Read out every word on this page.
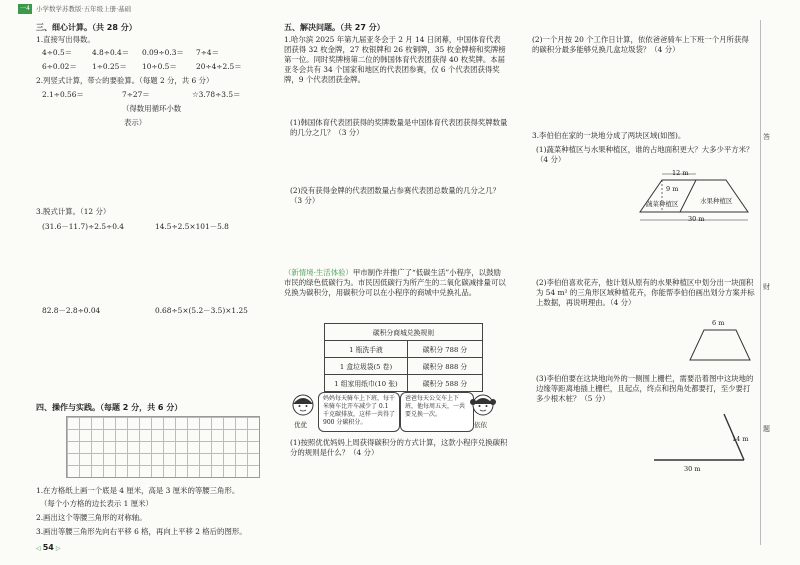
一4 小学数学苏教版·五年级上册·基础
三、细心计算。（共 28 分）
1.直接写出得数。
4÷0.5＝	4.8÷0.4＝ 0.09÷0.3＝ 7÷4＝
6÷0.02＝ 1÷0.25＝ 10÷0.5＝	20÷4÷2.5＝
2.列竖式计算，带☆的要验算。（每题 2 分，共 6 分）
2.1÷0.56＝	7÷27＝	☆3.78÷3.5＝
（得数用循环小数
表示）
3.脱式计算。（12 分）
(31.6－11.7)÷2.5÷0.4	14.5÷2.5×101－5.8
82.8－2.8÷0.04	0.68÷5×(5.2－3.5)×1.25
四、操作与实践。（每题 2 分，共 6 分）
1.在方格纸上画一个底是 4 厘米，高是 3 厘米的等腰三角形。
（每个小方格的边长表示 1 厘米）
2.画出这个等腰三角形的对称轴。
3.画出等腰三角形先向右平移 6 格，再向上平移 2 格后的图形。
◁ 54 ▷
五、解决问题。（共 27 分）
1.哈尔滨 2025 年第九届亚冬会于 2 月 14 日闭幕，中国体育代表团获得 32 枚金牌，27 枚银牌和 26 枚铜牌，35 枚金牌榜和奖牌榜第一位。同时奖牌榜第二位的韩国体育代表团获得 40 枚奖牌。本届亚冬会共有 34 个国家和地区的代表团参赛，仅 6 个代表团获得奖牌，9 个代表团获金牌。
(1)韩国体育代表团获得的奖牌数量是中国体育代表团获得奖牌数量的几分之几？（3 分）
(2)没有获得金牌的代表团数量占参赛代表团总数量的几分之几？（3 分）
（新情境·生活体验）甲市制作并推广了“低碳生活”小程序，以鼓励市民的绿色低碳行为。市民因低碳行为所产生的二氧化碳减排量可以兑换为碳积分，用碳积分可以在小程序的商城中兑换礼品。
碳积分商城兑换规则	
1 瓶洗手液	碳积分 788 分
1 盒垃圾袋(5 卷)	碳积分 888 分
1 组家用纸巾(10 张)	碳积分 588 分
优优
妈妈每天骑车上下班，每千米骑车比开车减少了 0.1 千克碳排放，这样一共得了 900 分碳积分。
爸爸每天公交车上下班，他每周五天，一共要兑换一次。
依依
(1)按照优优妈妈上周获得碳积分的方式计算，这款小程序兑换碳积分的规则是什么？（4 分）
(2)一个月按 20 个工作日计算，依依爸爸骑车上下班一个月所获得的碳积分最多能够兑换几盒垃圾袋？（4 分）
3.李伯伯在家的一块地分成了两块区域(如图)。
(1)蔬菜种植区与水果种植区，谁的占地面积更大？大多少平方米？（4 分）
12 m
9 m
蔬菜种植区	水果种植区
30 m
(2)李伯伯喜欢花卉，他计划从原有的水果种植区中划分出一块面积为 54 m² 的三角形区域种植花卉，你能帮李伯伯画出划分方案并标上数据，再说明理由。（4 分）
6 m
(3)李伯伯要在这块地向外的一侧围上栅栏，需要沿着图中这块地的边缘等距离地插上栅栏，且起点，终点和拐角处都要打，至少要打多少根木桩？（5 分）
14 m
30 m
答
财
题
